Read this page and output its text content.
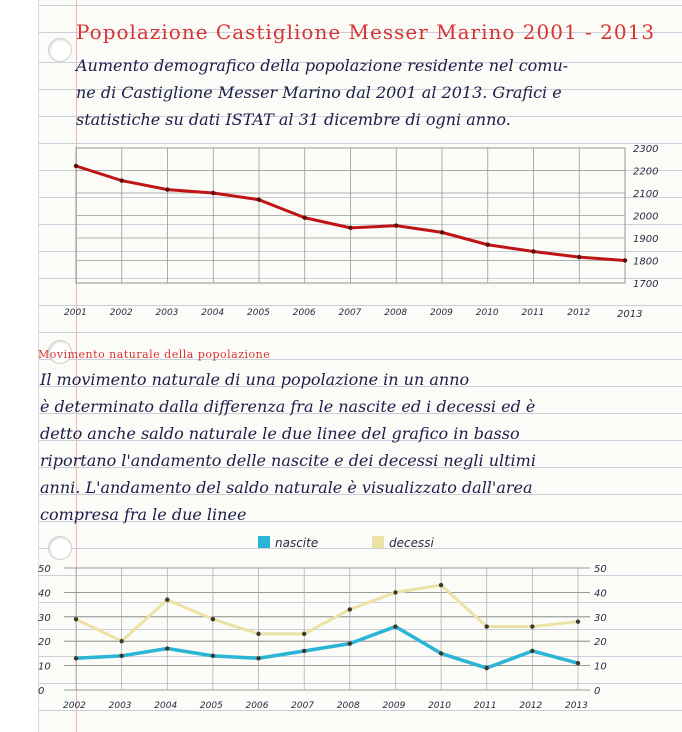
Popolazione Castiglione Messer Marino 2001 - 2013
Aumento demografico della popolazione residente nel comu-
ne di Castiglione Messer Marino dal 2001 al 2013. Grafici e
statistiche su dati ISTAT al 31 dicembre di ogni anno.
1700
1800
1900
2000
2100
2200
2300
2001	2002	2003	2004	2005	2006	2007	2008	2009	2010	2011	2012	2013
Movimento naturale della popolazione
Il movimento naturale di una popolazione in un anno
è determinato dalla differenza fra le nascite ed i decessi ed è
detto anche saldo naturale le due linee del grafico in basso
riportano l'andamento delle nascite e dei decessi negli ultimi
anni. L'andamento del saldo naturale è visualizzato dall'area
compresa fra le due linee
nascite	decessi
0
10
20
30
40
50
0
10
20
30
40
50
2002	2003	2004	2005	2006	2007	2008	2009	2010	2011	2012	2013
